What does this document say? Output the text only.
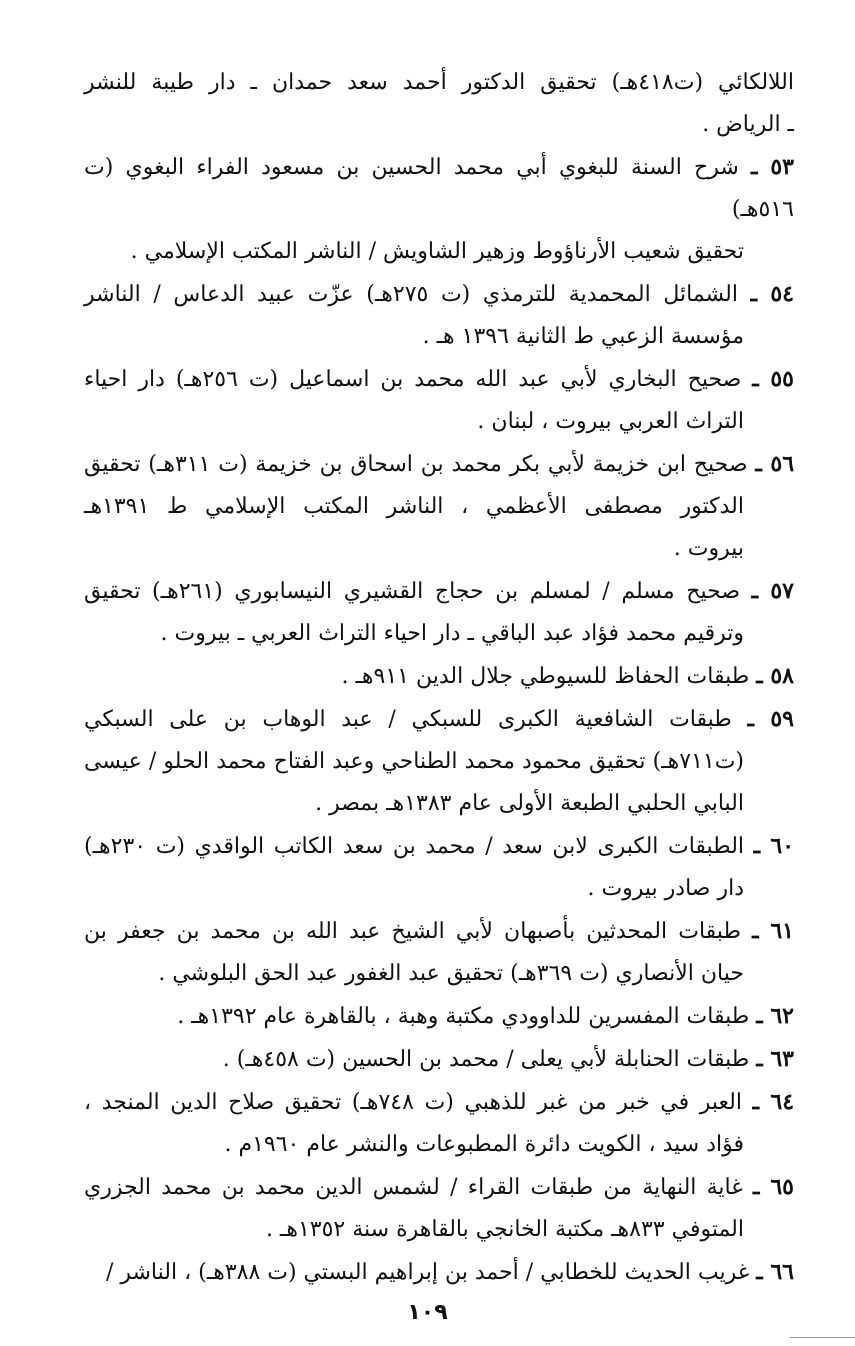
اللالكائي (ت٤١٨هـ) تحقيق الدكتور أحمد سعد حمدان ـ دار طيبة للنشر
ـ الرياض .
٥٣ ـ شرح السنة للبغوي أبي محمد الحسين بن مسعود الفراء البغوي (ت ٥١٦هـ)
تحقيق شعيب الأرناؤوط وزهير الشاويش / الناشر المكتب الإسلامي .
٥٤ ـ الشمائل المحمدية للترمذي (ت ٢٧٥هـ) عزّت عبيد الدعاس / الناشر
مؤسسة الزعبي ط الثانية ١٣٩٦ هـ .
٥٥ ـ صحيح البخاري لأبي عبد الله محمد بن اسماعيل (ت ٢٥٦هـ) دار احياء
التراث العربي بيروت ، لبنان .
٥٦ ـ صحيح ابن خزيمة لأبي بكر محمد بن اسحاق بن خزيمة (ت ٣١١هـ) تحقيق
الدكتور مصطفى الأعظمي ، الناشر المكتب الإسلامي ط ١٣٩١هـ
بيروت .
٥٧ ـ صحيح مسلم / لمسلم بن حجاج القشيري النيسابوري (٢٦١هـ) تحقيق
وترقيم محمد فؤاد عبد الباقي ـ دار احياء التراث العربي ـ بيروت .
٥٨ ـ طبقات الحفاظ للسيوطي جلال الدين ٩١١هـ .
٥٩ ـ طبقات الشافعية الكبرى للسبكي / عبد الوهاب بن على السبكي
(ت٧١١هـ) تحقيق محمود محمد الطناحي وعبد الفتاح محمد الحلو / عيسى
البابي الحلبي الطبعة الأولى عام ١٣٨٣هـ بمصر .
٦٠ ـ الطبقات الكبرى لابن سعد / محمد بن سعد الكاتب الواقدي (ت ٢٣٠هـ)
دار صادر بيروت .
٦١ ـ طبقات المحدثين بأصبهان لأبي الشيخ عبد الله بن محمد بن جعفر بن
حيان الأنصاري (ت ٣٦٩هـ) تحقيق عبد الغفور عبد الحق البلوشي .
٦٢ ـ طبقات المفسرين للداوودي مكتبة وهبة ، بالقاهرة عام ١٣٩٢هـ .
٦٣ ـ طبقات الحنابلة لأبي يعلى / محمد بن الحسين (ت ٤٥٨هـ) .
٦٤ ـ العبر في خبر من غبر للذهبي (ت ٧٤٨هـ) تحقيق صلاح الدين المنجد ،
فؤاد سيد ، الكويت دائرة المطبوعات والنشر عام ١٩٦٠م .
٦٥ ـ غاية النهاية من طبقات القراء / لشمس الدين محمد بن محمد الجزري
المتوفي ٨٣٣هـ مكتبة الخانجي بالقاهرة سنة ١٣٥٢هـ .
٦٦ ـ غريب الحديث للخطابي / أحمد بن إبراهيم البستي (ت ٣٨٨هـ) ، الناشر /
١٠٩
